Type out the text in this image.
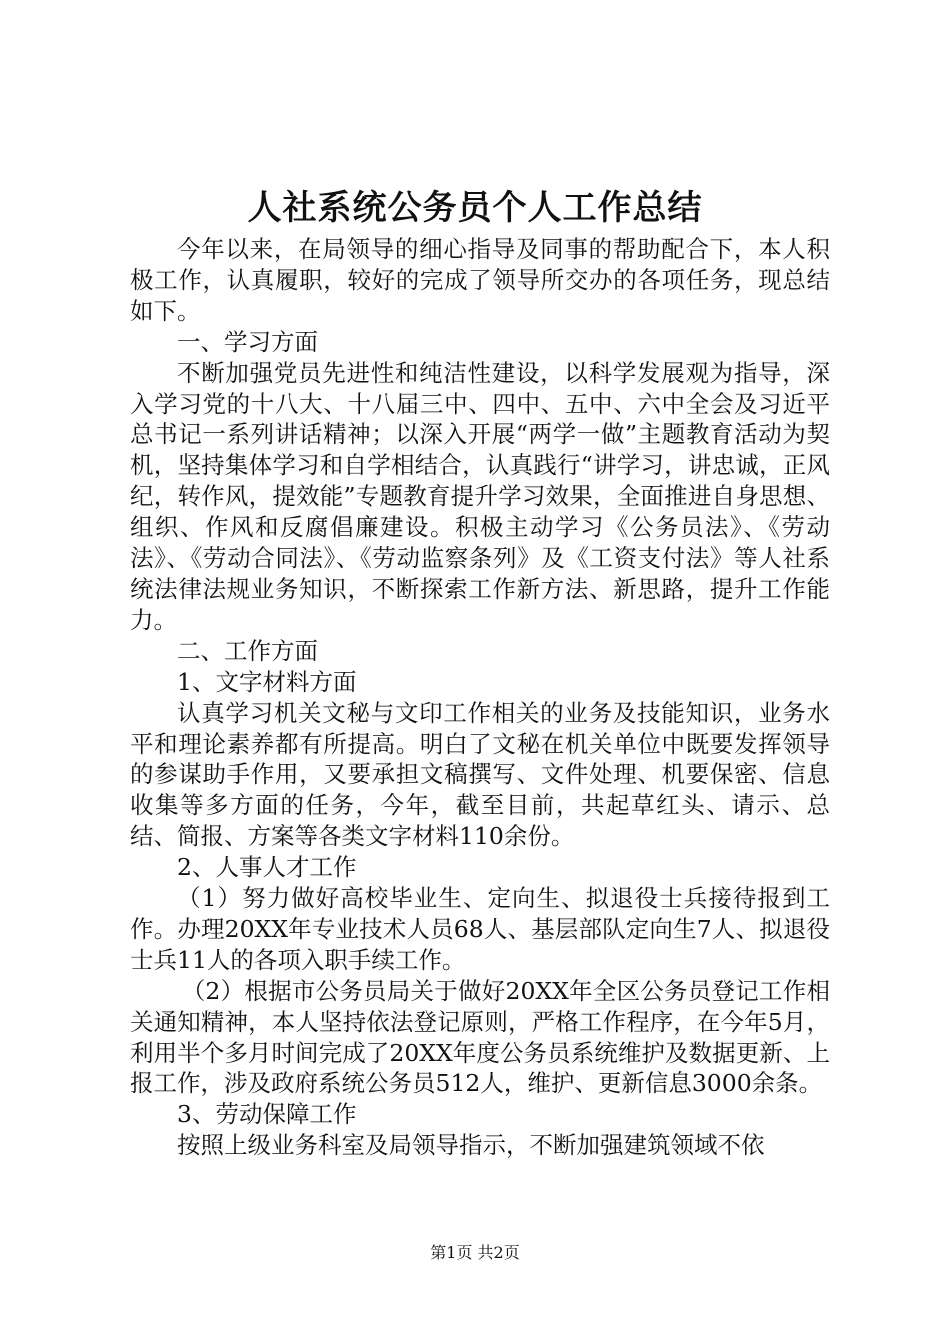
人社系统公务员个人工作总结

今年以来，在局领导的细心指导及同事的帮助配合下，本人积极工作，认真履职，较好的完成了领导所交办的各项任务，现总结如下。

一、学习方面

不断加强党员先进性和纯洁性建设，以科学发展观为指导，深入学习党的十八大、十八届三中、四中、五中、六中全会及习近平总书记一系列讲话精神；以深入开展“两学一做”主题教育活动为契机，坚持集体学习和自学相结合，认真践行“讲学习，讲忠诚，正风纪，转作风，提效能”专题教育提升学习效果，全面推进自身思想、组织、作风和反腐倡廉建设。积极主动学习《公务员法》、《劳动法》、《劳动合同法》、《劳动监察条列》及《工资支付法》等人社系统法律法规业务知识，不断探索工作新方法、新思路，提升工作能力。

二、工作方面

1、文字材料方面

认真学习机关文秘与文印工作相关的业务及技能知识，业务水平和理论素养都有所提高。明白了文秘在机关单位中既要发挥领导的参谋助手作用，又要承担文稿撰写、文件处理、机要保密、信息收集等多方面的任务，今年，截至目前，共起草红头、请示、总结、简报、方案等各类文字材料110余份。

2、人事人才工作

（1）努力做好高校毕业生、定向生、拟退役士兵接待报到工作。办理20XX年专业技术人员68人、基层部队定向生7人、拟退役士兵11人的各项入职手续工作。

（2）根据市公务员局关于做好20XX年全区公务员登记工作相关通知精神，本人坚持依法登记原则，严格工作程序，在今年5月，利用半个多月时间完成了20XX年度公务员系统维护及数据更新、上报工作，涉及政府系统公务员512人，维护、更新信息3000余条。

3、劳动保障工作

按照上级业务科室及局领导指示，不断加强建筑领域不依

第1页 共2页
